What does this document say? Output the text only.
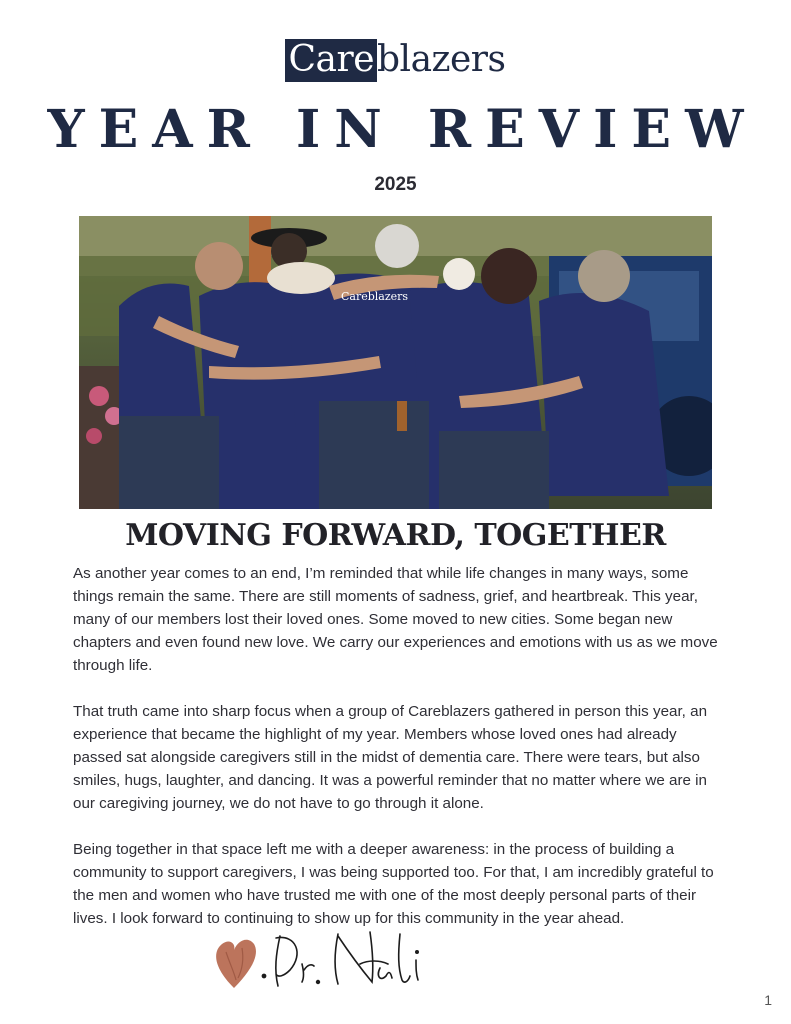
Careblazers
YEAR IN REVIEW
2025
Careblazers
MOVING FORWARD, TOGETHER

As another year comes to an end, I’m reminded that while life changes in many ways, some things remain the same. There are still moments of sadness, grief, and heartbreak. This year, many of our members lost their loved ones. Some moved to new cities. Some began new chapters and even found new love. We carry our experiences and emotions with us as we move through life.

That truth came into sharp focus when a group of Careblazers gathered in person this year, an experience that became the highlight of my year. Members whose loved ones had already passed sat alongside caregivers still in the midst of dementia care. There were tears, but also smiles, hugs, laughter, and dancing. It was a powerful reminder that no matter where we are in our caregiving journey, we do not have to go through it alone.

Being together in that space left me with a deeper awareness: in the process of building a community to support caregivers, I was being supported too. For that, I am incredibly grateful to the men and women who have trusted me with one of the most deeply personal parts of their lives. I look forward to continuing to show up for this community in the year ahead.

1
